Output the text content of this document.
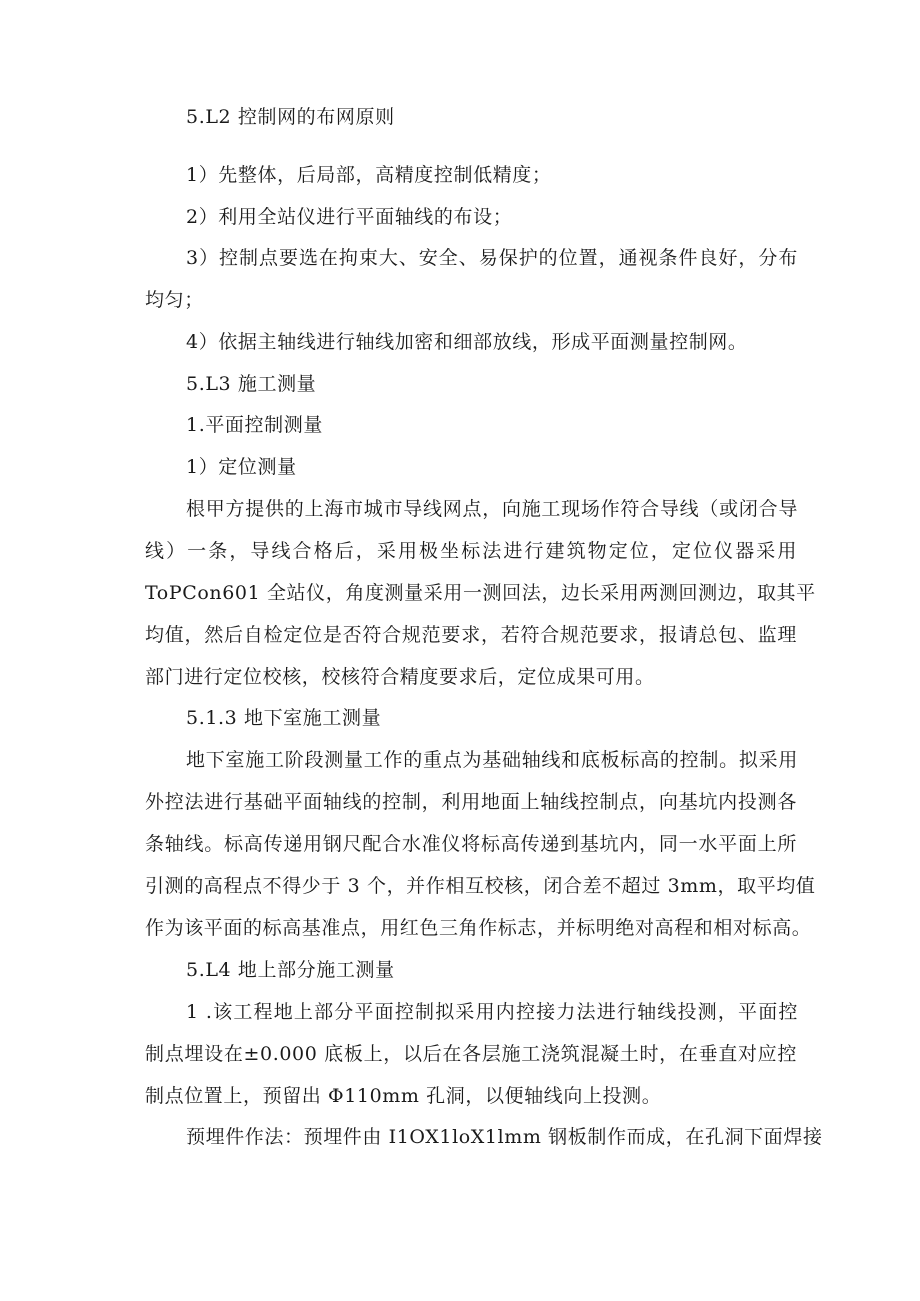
5.L2 控制网的布网原则
1）先整体，后局部，高精度控制低精度；
2）利用全站仪进行平面轴线的布设；
3）控制点要选在拘束大、安全、易保护的位置，通视条件良好，分布
均匀；
4）依据主轴线进行轴线加密和细部放线，形成平面测量控制网。
5.L3 施工测量
1.平面控制测量
1）定位测量
根甲方提供的上海市城市导线网点，向施工现场作符合导线（或闭合导
线）一条，导线合格后，采用极坐标法进行建筑物定位，定位仪器采用
ToPCon601 全站仪，角度测量采用一测回法，边长采用两测回测边，取其平
均值，然后自检定位是否符合规范要求，若符合规范要求，报请总包、监理
部门进行定位校核，校核符合精度要求后，定位成果可用。
5.1.3 地下室施工测量
地下室施工阶段测量工作的重点为基础轴线和底板标高的控制。拟采用
外控法进行基础平面轴线的控制，利用地面上轴线控制点，向基坑内投测各
条轴线。标高传递用钢尺配合水准仪将标高传递到基坑内，同一水平面上所
引测的高程点不得少于 3 个，并作相互校核，闭合差不超过 3mm，取平均值
作为该平面的标高基准点，用红色三角作标志，并标明绝对高程和相对标高。
5.L4 地上部分施工测量
1 .该工程地上部分平面控制拟采用内控接力法进行轴线投测，平面控
制点埋设在±0.000 底板上，以后在各层施工浇筑混凝土时，在垂直对应控
制点位置上，预留出 Φ110mm 孔洞，以便轴线向上投测。
预埋件作法：预埋件由 I1OX1loX1lmm 钢板制作而成，在孔洞下面焊接
